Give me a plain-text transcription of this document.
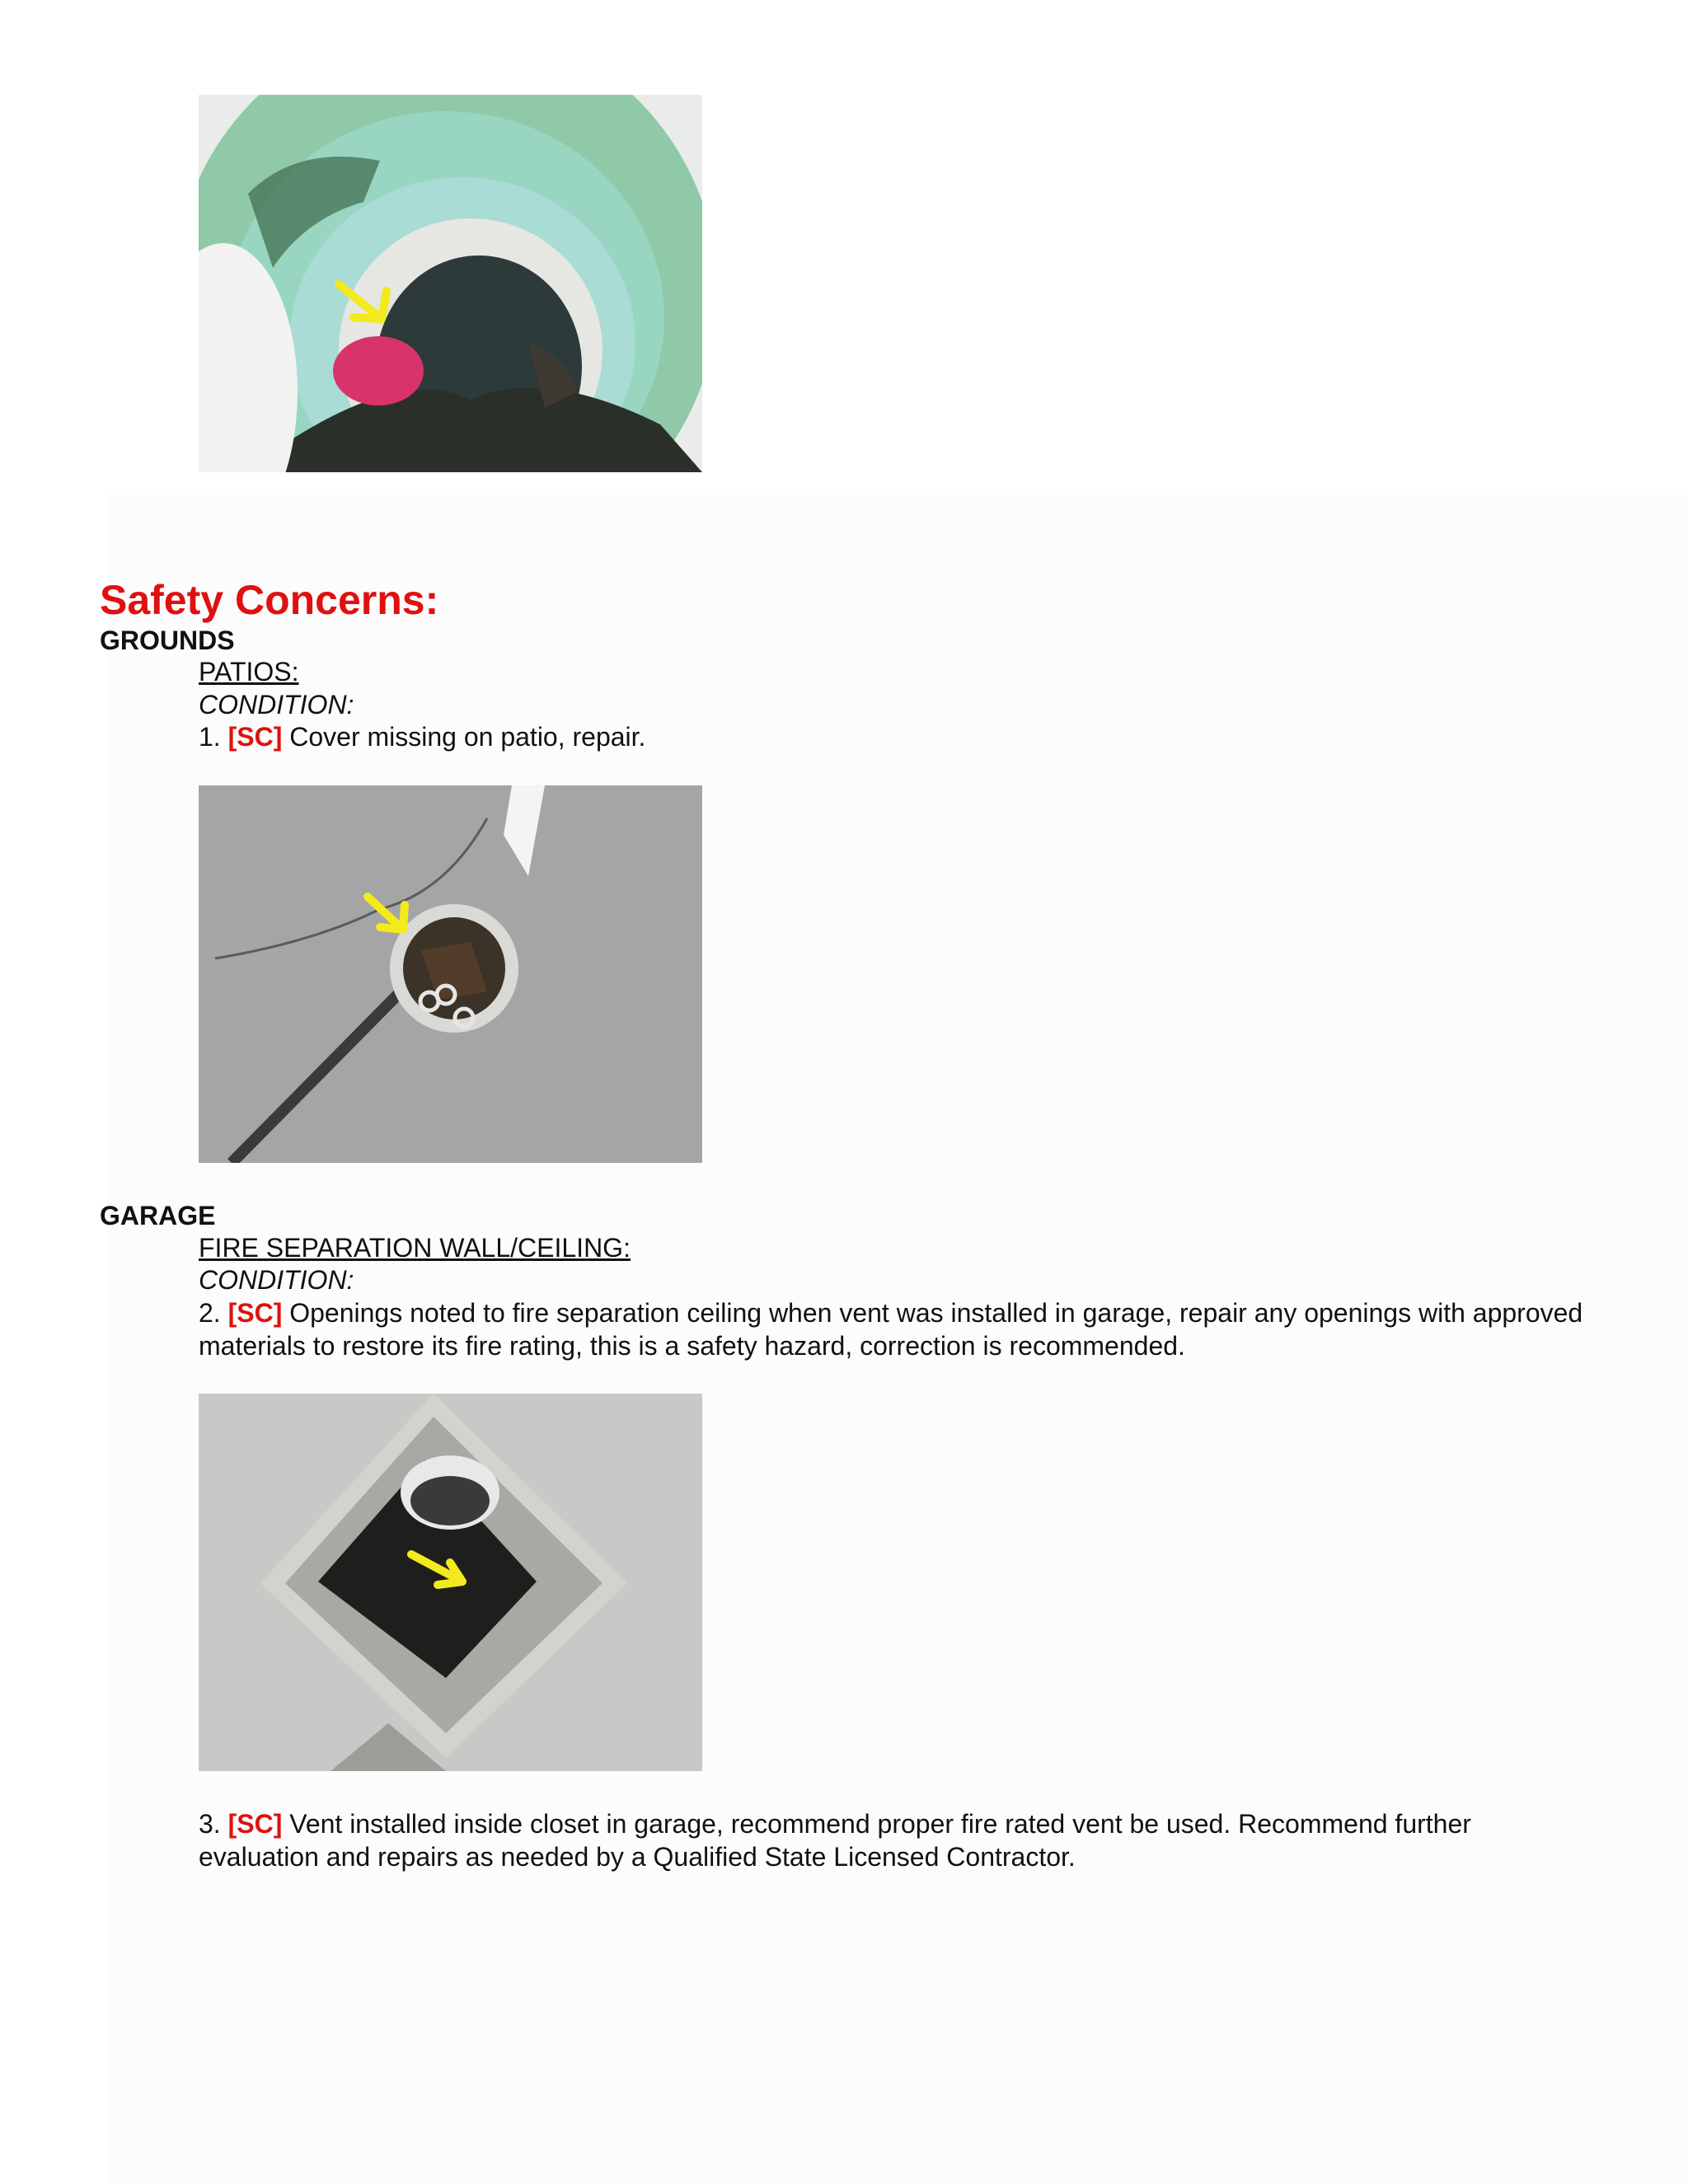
Safety Concerns:
GROUNDS
PATIOS:
CONDITION:
1. [SC] Cover missing on patio, repair.
GARAGE
FIRE SEPARATION WALL/CEILING:
CONDITION:
2. [SC] Openings noted to fire separation ceiling when vent was installed in garage, repair any openings with approved materials to restore its fire rating, this is a safety hazard, correction is recommended.
3. [SC] Vent installed inside closet in garage, recommend proper fire rated vent be used. Recommend further evaluation and repairs as needed by a Qualified State Licensed Contractor.
